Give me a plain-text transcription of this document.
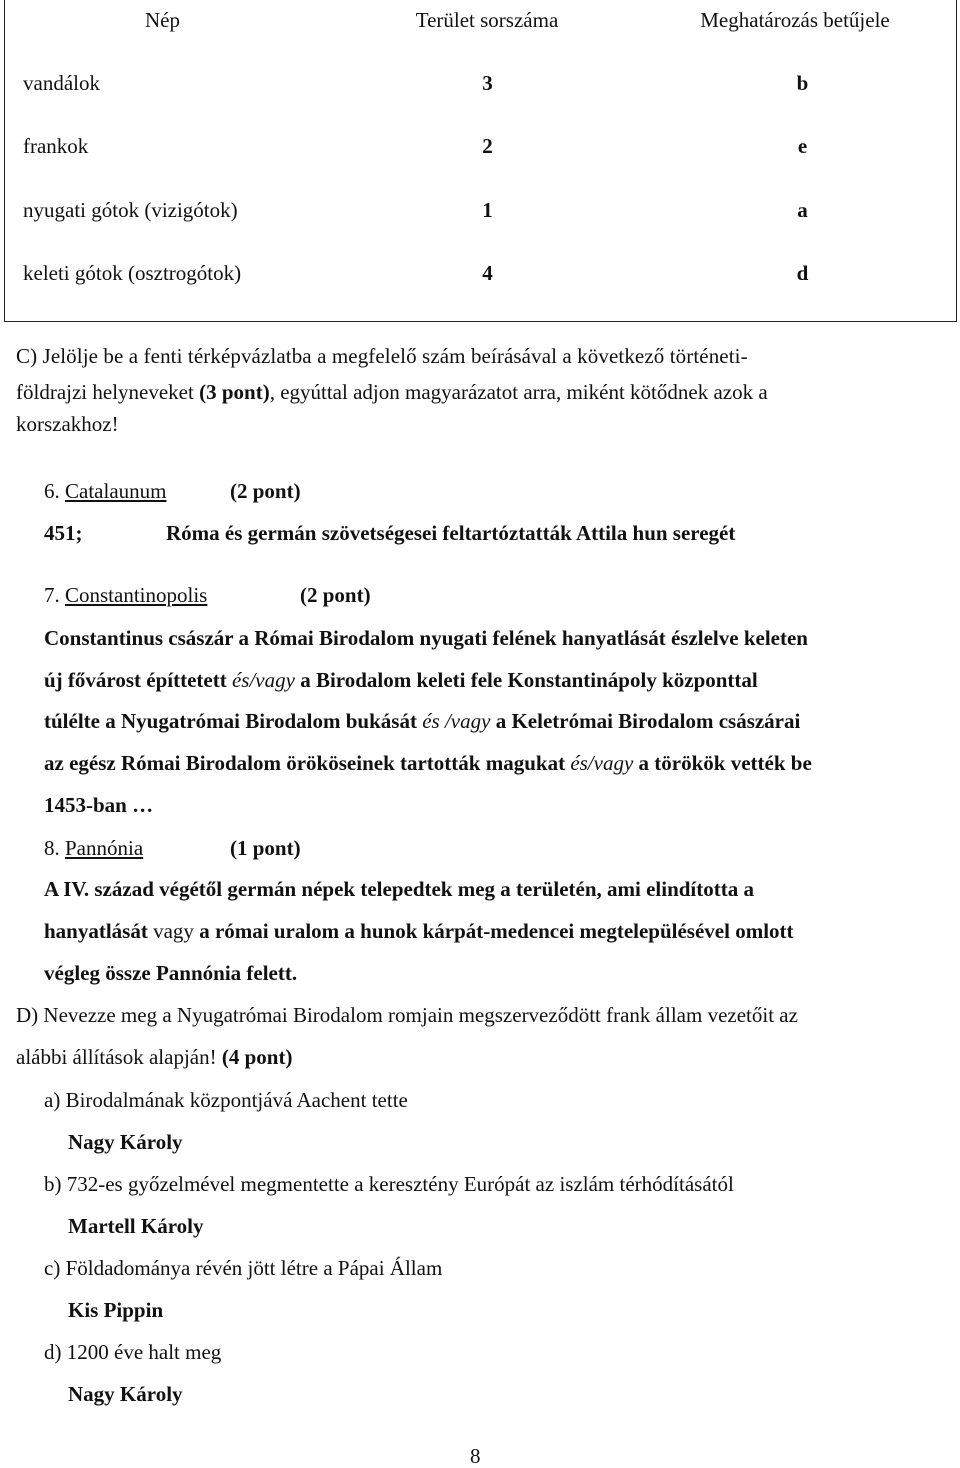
Nép	Terület sorszáma	Meghatározás betűjele
vandálok	3	b
frankok	2	e
nyugati gótok (vizigótok)	1	a
keleti gótok (osztrogótok)	4	d
C) Jelölje be a fenti térképvázlatba a megfelelő szám beírásával a következő történeti-
földrajzi helyneveket (3 pont), egyúttal adjon magyarázatot arra, miként kötődnek azok a
korszakhoz!
6. Catalaunum	(2 pont)
451;	Róma és germán szövetségesei feltartóztatták Attila hun seregét
7. Constantinopolis	(2 pont)
Constantinus császár a Római Birodalom nyugati felének hanyatlását észlelve keleten
új fővárost építtetett és/vagy a Birodalom keleti fele Konstantinápoly központtal
túlélte a Nyugatrómai Birodalom bukását és /vagy a Keletrómai Birodalom császárai
az egész Római Birodalom örököseinek tartották magukat és/vagy a törökök vették be
1453-ban …
8. Pannónia	(1 pont)
A IV. század végétől germán népek telepedtek meg a területén, ami elindította a
hanyatlását vagy a római uralom a hunok kárpát-medencei megtelepülésével omlott
végleg össze Pannónia felett.
D) Nevezze meg a Nyugatrómai Birodalom romjain megszerveződött frank állam vezetőit az
alábbi állítások alapján! (4 pont)
a) Birodalmának központjává Aachent tette
Nagy Károly
b) 732-es győzelmével megmentette a keresztény Európát az iszlám térhódításától
Martell Károly
c) Földadománya révén jött létre a Pápai Állam
Kis Pippin
d) 1200 éve halt meg
Nagy Károly
8
